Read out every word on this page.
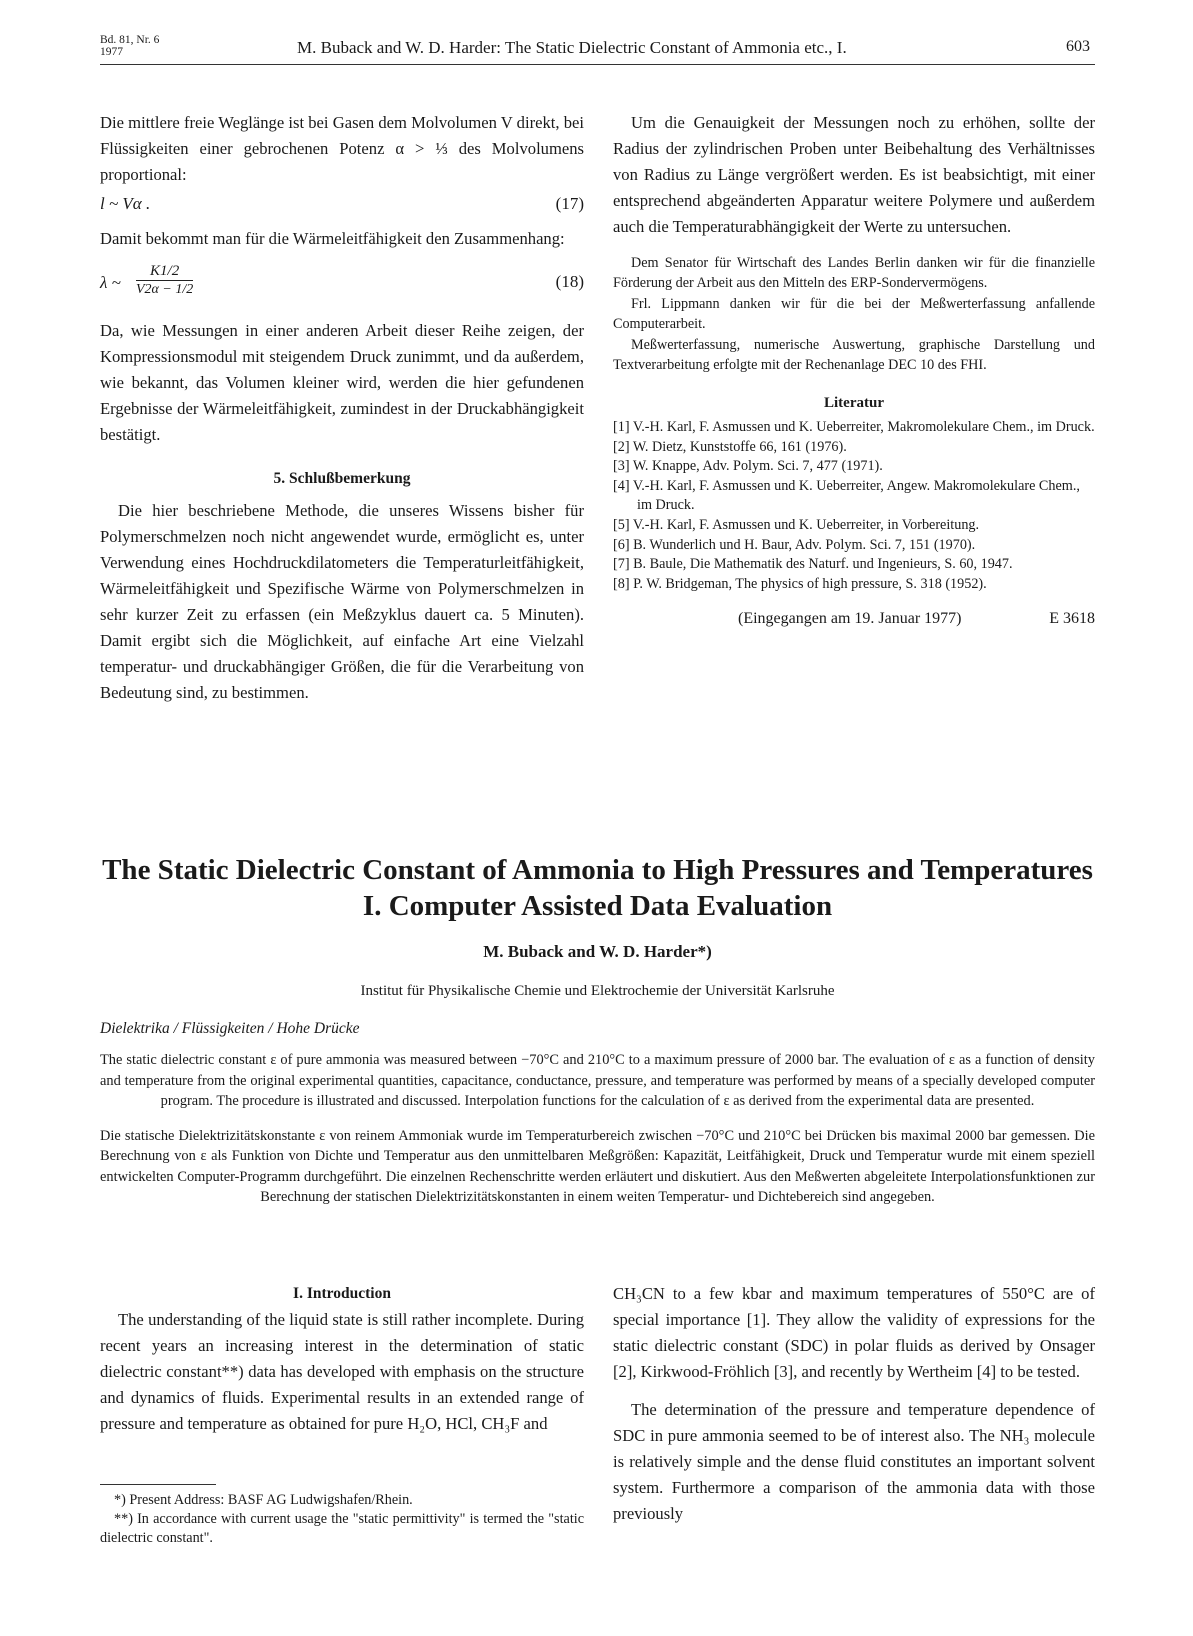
Bd. 81, Nr. 6
1977	M. Buback and W. D. Harder: The Static Dielectric Constant of Ammonia etc., I.	603

Die mittlere freie Weglänge ist bei Gasen dem Molvolumen V direkt, bei Flüssigkeiten einer gebrochenen Potenz α > ⅓ des Molvolumens proportional:

l ~ Vα .	(17)

Damit bekommt man für die Wärmeleitfähigkeit den Zusammenhang:

λ ~ $\frac{K1/2}{V2\alpha - 1/2}$	(18)

Da, wie Messungen in einer anderen Arbeit dieser Reihe zeigen, der Kompressionsmodul mit steigendem Druck zunimmt, und da außerdem, wie bekannt, das Volumen kleiner wird, werden die hier gefundenen Ergebnisse der Wärmeleitfähigkeit, zumindest in der Druckabhängigkeit bestätigt.

5. Schlußbemerkung

Die hier beschriebene Methode, die unseres Wissens bisher für Polymerschmelzen noch nicht angewendet wurde, ermöglicht es, unter Verwendung eines Hochdruckdilatometers die Temperaturleitfähigkeit, Wärmeleitfähigkeit und Spezifische Wärme von Polymerschmelzen in sehr kurzer Zeit zu erfassen (ein Meßzyklus dauert ca. 5 Minuten). Damit ergibt sich die Möglichkeit, auf einfache Art eine Vielzahl temperatur- und druckabhängiger Größen, die für die Verarbeitung von Bedeutung sind, zu bestimmen.

Um die Genauigkeit der Messungen noch zu erhöhen, sollte der Radius der zylindrischen Proben unter Beibehaltung des Verhältnisses von Radius zu Länge vergrößert werden. Es ist beabsichtigt, mit einer entsprechend abgeänderten Apparatur weitere Polymere und außerdem auch die Temperaturabhängigkeit der Werte zu untersuchen.

Dem Senator für Wirtschaft des Landes Berlin danken wir für die finanzielle Förderung der Arbeit aus den Mitteln des ERP-Sondervermögens.

Frl. Lippmann danken wir für die bei der Meßwerterfassung anfallende Computerarbeit.

Meßwerterfassung, numerische Auswertung, graphische Darstellung und Textverarbeitung erfolgte mit der Rechenanlage DEC 10 des FHI.

Literatur

[1] V.-H. Karl, F. Asmussen und K. Ueberreiter, Makromolekulare Chem., im Druck.

[2] W. Dietz, Kunststoffe 66, 161 (1976).

[3] W. Knappe, Adv. Polym. Sci. 7, 477 (1971).

[4] V.-H. Karl, F. Asmussen und K. Ueberreiter, Angew. Makromolekulare Chem., im Druck.

[5] V.-H. Karl, F. Asmussen und K. Ueberreiter, in Vorbereitung.

[6] B. Wunderlich und H. Baur, Adv. Polym. Sci. 7, 151 (1970).

[7] B. Baule, Die Mathematik des Naturf. und Ingenieurs, S. 60, 1947.

[8] P. W. Bridgeman, The physics of high pressure, S. 318 (1952).

(Eingegangen am 19. Januar 1977)	E 3618
The Static Dielectric Constant of Ammonia to High Pressures and Temperatures
I. Computer Assisted Data Evaluation
M. Buback and W. D. Harder*)
Institut für Physikalische Chemie und Elektrochemie der Universität Karlsruhe
Dielektrika / Flüssigkeiten / Hohe Drücke

The static dielectric constant ε of pure ammonia was measured between −70°C and 210°C to a maximum pressure of 2000 bar. The evaluation of ε as a function of density and temperature from the original experimental quantities, capacitance, conductance, pressure, and temperature was performed by means of a specially developed computer program. The procedure is illustrated and discussed. Interpolation functions for the calculation of ε as derived from the experimental data are presented.

Die statische Dielektrizitätskonstante ε von reinem Ammoniak wurde im Temperaturbereich zwischen −70°C und 210°C bei Drücken bis maximal 2000 bar gemessen. Die Berechnung von ε als Funktion von Dichte und Temperatur aus den unmittelbaren Meßgrößen: Kapazität, Leitfähigkeit, Druck und Temperatur wurde mit einem speziell entwickelten Computer-Programm durchgeführt. Die einzelnen Rechenschritte werden erläutert und diskutiert. Aus den Meßwerten abgeleitete Interpolationsfunktionen zur Berechnung der statischen Dielektrizitätskonstanten in einem weiten Temperatur- und Dichtebereich sind angegeben.

I. Introduction

The understanding of the liquid state is still rather incomplete. During recent years an increasing interest in the determination of static dielectric constant**) data has developed with emphasis on the structure and dynamics of fluids. Experimental results in an extended range of pressure and temperature as obtained for pure H₂O, HCl, CH₃F and

*) Present Address: BASF AG Ludwigshafen/Rhein.

**) In accordance with current usage the "static permittivity" is termed the "static dielectric constant".

CH₃CN to a few kbar and maximum temperatures of 550°C are of special importance [1]. They allow the validity of expressions for the static dielectric constant (SDC) in polar fluids as derived by Onsager [2], Kirkwood-Fröhlich [3], and recently by Wertheim [4] to be tested.

The determination of the pressure and temperature dependence of SDC in pure ammonia seemed to be of interest also. The NH₃ molecule is relatively simple and the dense fluid constitutes an important solvent system. Furthermore a comparison of the ammonia data with those previously
